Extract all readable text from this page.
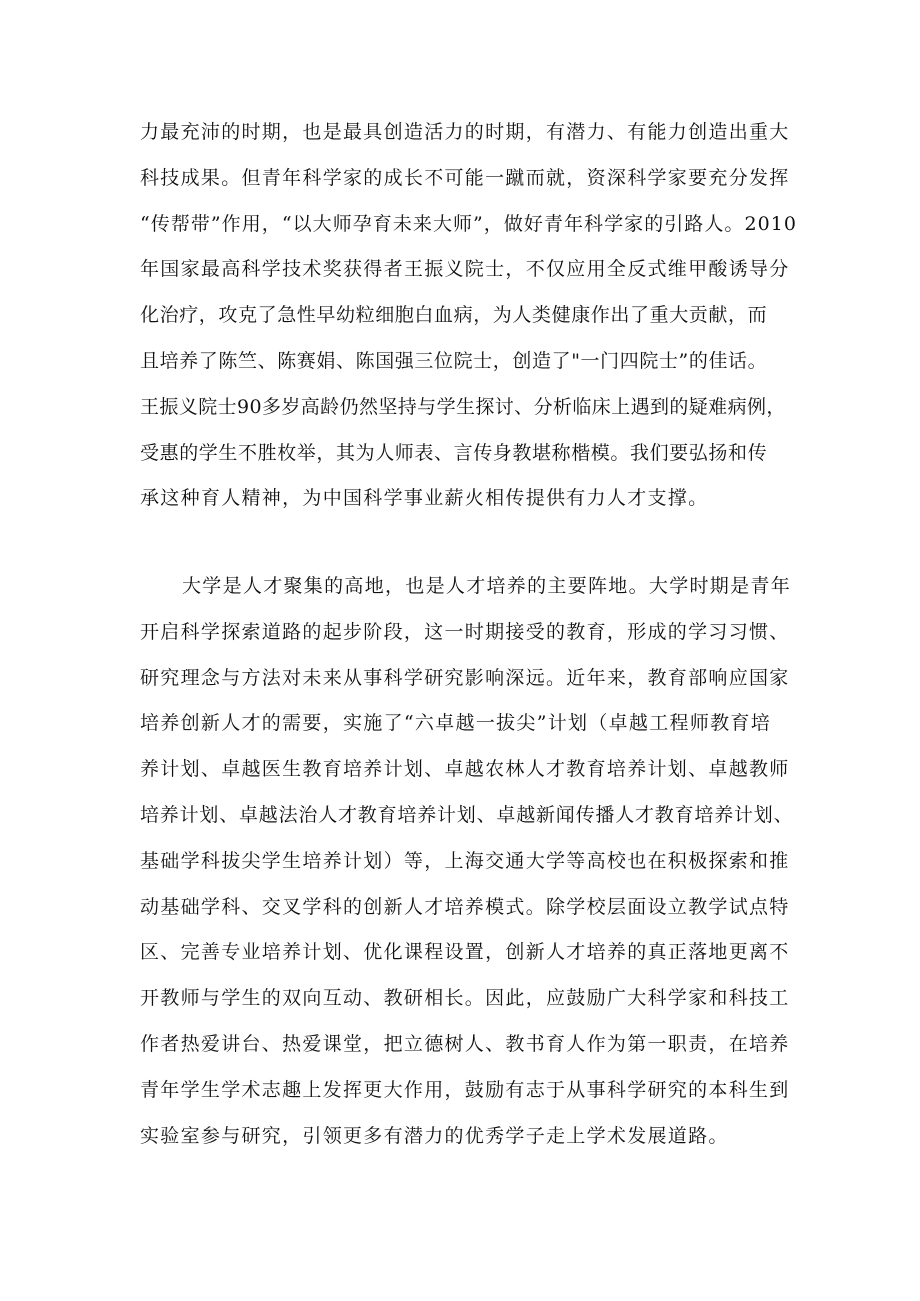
力最充沛的时期，也是最具创造活力的时期，有潜力、有能力创造出重大
科技成果。但青年科学家的成长不可能一蹴而就，资深科学家要充分发挥
“传帮带”作用，“以大师孕育未来大师”，做好青年科学家的引路人。2010
年国家最高科学技术奖获得者王振义院士，不仅应用全反式维甲酸诱导分
化治疗，攻克了急性早幼粒细胞白血病，为人类健康作出了重大贡献，而
且培养了陈竺、陈赛娟、陈国强三位院士，创造了"一门四院士”的佳话。
王振义院士90多岁高龄仍然坚持与学生探讨、分析临床上遇到的疑难病例，
受惠的学生不胜枚举，其为人师表、言传身教堪称楷模。我们要弘扬和传
承这种育人精神，为中国科学事业薪火相传提供有力人才支撑。
大学是人才聚集的高地，也是人才培养的主要阵地。大学时期是青年
开启科学探索道路的起步阶段，这一时期接受的教育，形成的学习习惯、
研究理念与方法对未来从事科学研究影响深远。近年来，教育部响应国家
培养创新人才的需要，实施了“六卓越一拔尖”计划（卓越工程师教育培
养计划、卓越医生教育培养计划、卓越农林人才教育培养计划、卓越教师
培养计划、卓越法治人才教育培养计划、卓越新闻传播人才教育培养计划、
基础学科拔尖学生培养计划）等，上海交通大学等高校也在积极探索和推
动基础学科、交叉学科的创新人才培养模式。除学校层面设立教学试点特
区、完善专业培养计划、优化课程设置，创新人才培养的真正落地更离不
开教师与学生的双向互动、教研相长。因此，应鼓励广大科学家和科技工
作者热爱讲台、热爱课堂，把立德树人、教书育人作为第一职责，在培养
青年学生学术志趣上发挥更大作用，鼓励有志于从事科学研究的本科生到
实验室参与研究，引领更多有潜力的优秀学子走上学术发展道路。
